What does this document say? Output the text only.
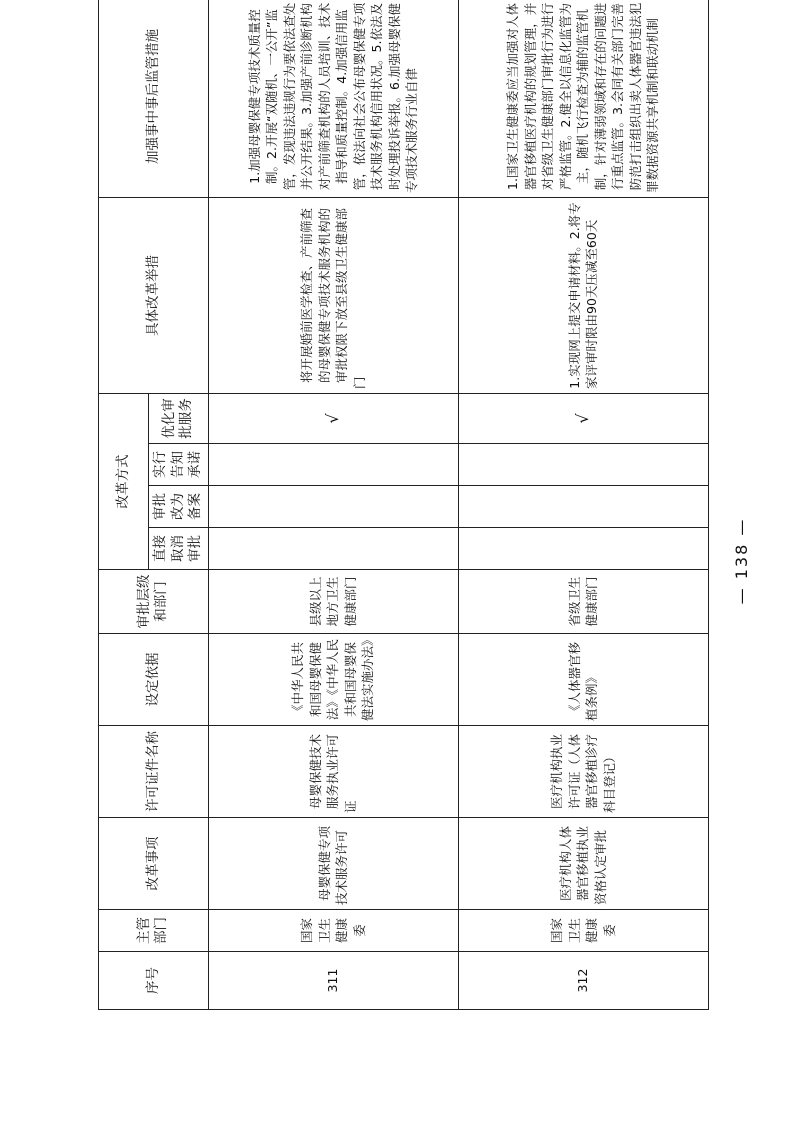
序号	主管部门	改革事项	许可证件名称	设定依据	审批层级和部门	改革方式				具体改革举措	加强事中事后监管措施
						直接取消审批	审批改为备案	实行告知承诺	优化审批服务		
311	国家卫生健康委	母婴保健专项技术服务许可	母婴保健技术服务执业许可证	《中华人民共和国母婴保健法》《中华人民共和国母婴保健法实施办法》	县级以上地方卫生健康部门				√	将开展婚前医学检查、产前筛查的母婴保健专项技术服务机构的审批权限下放至县级卫生健康部门	1.加强母婴保健专项技术质量控制。2.开展“双随机、一公开”监管，发现违法违规行为要依法查处并公开结果。3.加强产前诊断机构对产前筛查机构的人员培训、技术指导和质量控制。4.加强信用监管，依法向社会公布母婴保健专项技术服务机构信用状况。5.依法及时处理投诉举报。6.加强母婴保健专项技术服务行业自律
312	国家卫生健康委	医疗机构人体器官移植执业资格认定审批	医疗机构执业许可证（人体器官移植诊疗科目登记）	《人体器官移植条例》	省级卫生健康部门				√	1.实现网上提交申请材料。2.将专家评审时限由90天压减至60天	1.国家卫生健康委应当加强对人体器官移植医疗机构的规划管理，并对省级卫生健康部门审批行为进行严格监管。2.健全以信息化监管为主，随机飞行检查为辅的监管机制，针对薄弱领域和存在的问题进行重点监管。3.会同有关部门完善防范打击组织出卖人体器官违法犯罪数据资源共享机制和联动机制
— 138 —
